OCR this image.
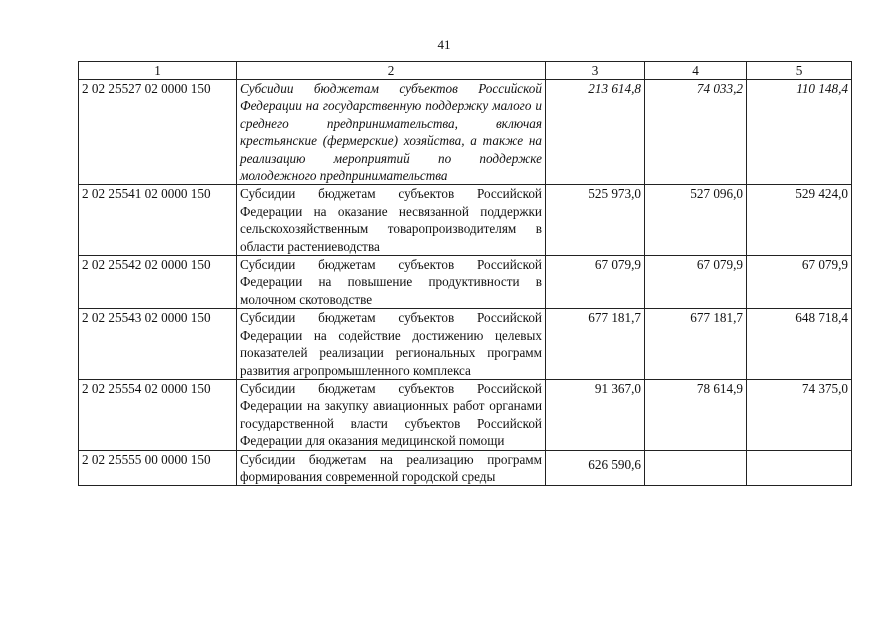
41
1	2	3	4	5
2 02 25527 02 0000 150	Субсидии бюджетам субъектов Российской Федерации на государственную поддержку малого и среднего предпринимательства, включая крестьянские (фермерские) хозяйства, а также на реализацию мероприятий по поддержке молодежного предпринимательства	213 614,8	74 033,2	110 148,4
2 02 25541 02 0000 150	Субсидии бюджетам субъектов Российской Федерации на оказание несвязанной поддержки сельскохозяйственным товаропроизводителям в области растениеводства	525 973,0	527 096,0	529 424,0
2 02 25542 02 0000 150	Субсидии бюджетам субъектов Российской Федерации на повышение продуктивности в молочном скотоводстве	67 079,9	67 079,9	67 079,9
2 02 25543 02 0000 150	Субсидии бюджетам субъектов Российской Федерации на содействие достижению целевых показателей реализации региональных программ развития агропромышленного комплекса	677 181,7	677 181,7	648 718,4
2 02 25554 02 0000 150	Субсидии бюджетам субъектов Российской Федерации на закупку авиационных работ органами государственной власти субъектов Российской Федерации для оказания медицинской помощи	91 367,0	78 614,9	74 375,0
2 02 25555 00 0000 150	Субсидии бюджетам на реализацию программ формирования современной городской среды	626 590,6		
